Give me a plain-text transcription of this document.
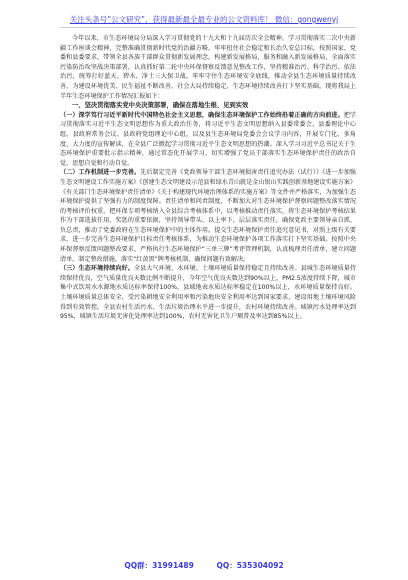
关注头条号“公文研究”，获得最新最全最专业的公文资料库！ 微信：gongwenyj

今年以来，市生态环境局分局深入学习贯彻党的十九大和十九届历次全会精神，学习贯彻落实二次中央新疆工作座谈会精神，完整准确贯彻新时代党的治疆方略，牢牢扭住社会稳定和长治久安总目标，按照国家、党委和县委要求，带领全县各族干部群众贯彻新发展理念，构建新发展格局，服务和融入新发展格局，全面落实污染防治攻坚战决策部署，认真抓好第二轮中央环保督察反馈意见整改工作，坚持精准治污、科学治污、依法治污，统筹打好蓝天、碧水、净土三大保卫战，牢牢守住生态环境安全底线，推动全县生态环境质量持续改善，为建设环境优美、民生福祉不断改善、社会大局持续稳定、生态环境持续改善打下坚实基础。现将我局上半年生态环境保护工作情况汇报如下：

一、坚决贯彻落实党中央决策部署，确保在落地生根、见到实效

（一）深学笃行习近平新时代中国特色社会主义思想，确保生态环境保护工作始终沿着正确的方向前进。把学习贯彻落实习近平生态文明思想作为重大政治任务，将习近平生态文明思想纳入县委常委会、县委理论中心组、县政府常务会议、县政府党组理论中心组，以及县生态环境局党委会会议学习内容，开展专门化、多角度、大力度的宣传解读，在全县广泛掀起学习贯彻习近平生态文明思想的热潮。深入学习习近平总书记关于生态环境保护重要批示指示精神，通过常态化开展学习，切实增强了党员干部落实生态环境保护责任的政治自觉、思想自觉和行动自觉。

（二）工作机制进一步完善。先后制定完善《党政领导干部生态环境损害责任追究办法（试行）》《进一步加强生态文明建设工作实施方案》《创建生态文明建设示范县和绿水青山就是金山银山实践创新基地建设实施方案》《有关部门生态环境保护责任清单》《关于构建现代环境治理体系的实施方案》等文件并严格落实，为加强生态环境保护提供了坚强有力的制度保障。责任清单和问责制度，不断加大对生态环境保护督察问题整改落实情况的考核评价权重，把环保专项考核纳入全县综合考核体系中，以考核推动责任落实，将生态环境保护考核结果作为干部选拔任用、奖惩的重要依据，坚持领导带头、以上率下，层层落实责任，确保党政主要领导亲自抓、负总责，推动了党委政府在生态环境保护中的主体作用。提交生态环境保护责任追究意见书，对照上级有关要求，进一步完善生态环境保护目标责任考核体系，为推动生态环境保护各项工作落实打下坚实基础。按照中央环保督察反馈问题整改要求，严格执行生态环境保护“三单三牌”考评管理机制，认真梳理责任清单，建立问题清单，制定整改措施，落实“红黄黑”牌考核机制，确保问题有效解决。

（三）生态环境持续向好。全县大气环境、水环境、土壤环境质量保持稳定且持续改善。县城生态环境质量持续保持优良，空气质量优良天数比例不断提升，今年空气优良天数达到90%以上，PM2.5浓度持续下降，城市集中式饮用水水源地水质达标率保持100%，县域地表水质达标率稳定在100%以上，水环境质量保持良好。土壤环境质量总体安全，受污染耕地安全利用率和污染地块安全利用率达到国家要求，建设用地土壤环境风险得到有效管控。全县农村生活污水、生活垃圾治理水平进一步提升，农村环境持续改善。城镇污水处理率达到95%，城镇生活垃圾无害化处理率达到100%，农村无害化卫生户厕普及率达到85%以上。

QQ群：31991489	QQ：535304092
